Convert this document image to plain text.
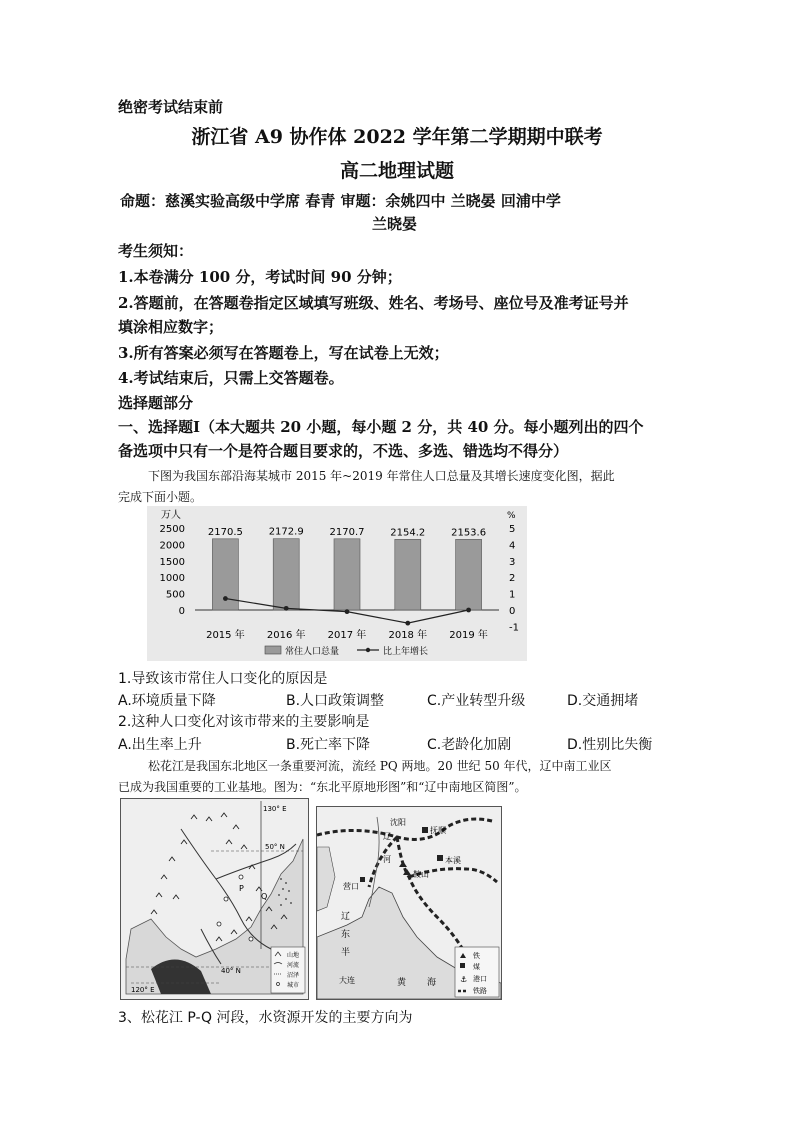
绝密考试结束前
浙江省 A9 协作体 2022 学年第二学期期中联考
高二地理试题
命题：慈溪实验高级中学席 春青 审题：余姚四中 兰晓晏 回浦中学
兰晓晏
考生须知：
1.本卷满分 100 分，考试时间 90 分钟；
2.答题前，在答题卷指定区域填写班级、姓名、考场号、座位号及准考证号并
填涂相应数字；
3.所有答案必须写在答题卷上，写在试卷上无效；
4.考试结束后，只需上交答题卷。
选择题部分
一、选择题Ⅰ（本大题共 20 小题，每小题 2 分，共 40 分。每小题列出的四个
备选项中只有一个是符合题目要求的，不选、多选、错选均不得分）
下图为我国东部沿海某城市 2015 年~2019 年常住人口总量及其增长速度变化图，据此
完成下面小题。
万人	%
2500
2000
1500
1000
500
0
5
4
3
2
1
0
-1
2170.5
2015 年
2172.9
2016 年
2170.7
2017 年
2154.2
2018 年
2153.6
2019 年
常住人口总量	比上年增长
1.导致该市常住人口变化的原因是
A.环境质量下降	B.人口政策调整	C.产业转型升级	D.交通拥堵
2.这种人口变化对该市带来的主要影响是
A.出生率上升	B.死亡率下降	C.老龄化加剧	D.性别比失衡
松花江是我国东北地区一条重要河流，流经 PQ 两地。20 世纪 50 年代，辽中南工业区
已成为我国重要的工业基地。图为：“东北平原地形图”和“辽中南地区简图”。
120° E
130° E
50° N
40° N
P
Q
山地
河流
沼泽
城市
沈阳
抚顺
本溪
鞍山
营口
大连
辽
河
辽
东
半
黄 海	⚓
铁
煤
港口
铁路
3、松花江 P-Q 河段，水资源开发的主要方向为
